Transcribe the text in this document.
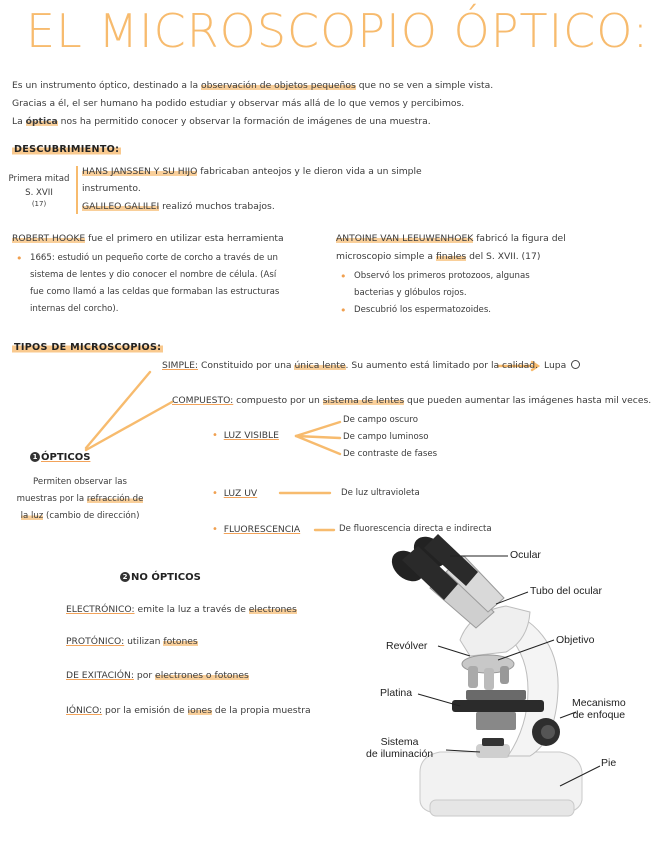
EL MICROSCOPIO ÓPTICO:
Es un instrumento óptico, destinado a la observación de objetos pequeños que no se ven a simple vista.
Gracias a él, el ser humano ha podido estudiar y observar más allá de lo que vemos y percibimos.
La óptica nos ha permitido conocer y observar la formación de imágenes de una muestra.
DESCUBRIMIENTO:
Primera mitad
S. XVII
(17)
HANS JANSSEN Y SU HIJO fabricaban anteojos y le dieron vida a un simple
instrumento.
GALILEO GALILEI realizó muchos trabajos.
ROBERT HOOKE fue el primero en utilizar esta herramienta
• 1665: estudió un pequeño corte de corcho a través de un
sistema de lentes y dio conocer el nombre de célula. (Así
fue como llamó a las celdas que formaban las estructuras
internas del corcho).
ANTOINE VAN LEEUWENHOEK fabricó la figura del
microscopio simple a finales del S. XVII. (17)
• Observó los primeros protozoos, algunas
bacterias y glóbulos rojos.
• Descubrió los espermatozoides.
TIPOS DE MICROSCOPIOS:
SIMPLE: Constituido por una única lente. Su aumento está limitado por la calidad. Lupa
COMPUESTO: compuesto por un sistema de lentes que pueden aumentar las imágenes hasta mil veces.
1 ÓPTICOS
Permiten observar las
muestras por la refracción de
la luz (cambio de dirección)
• LUZ VISIBLE
De campo oscuro
De campo luminoso
De contraste de fases
• LUZ UV	De luz ultravioleta
• FLUORESCENCIA	De fluorescencia directa e indirecta
2 NO ÓPTICOS
ELECTRÓNICO: emite la luz a través de electrones
PROTÓNICO: utilizan fotones
DE EXITACIÓN: por electrones o fotones
IÓNICO: por la emisión de iones de la propia muestra
Ocular
Tubo del ocular
Revólver	Objetivo
Platina
Mecanismo
de enfoque
Sistema
de iluminación
Pie
